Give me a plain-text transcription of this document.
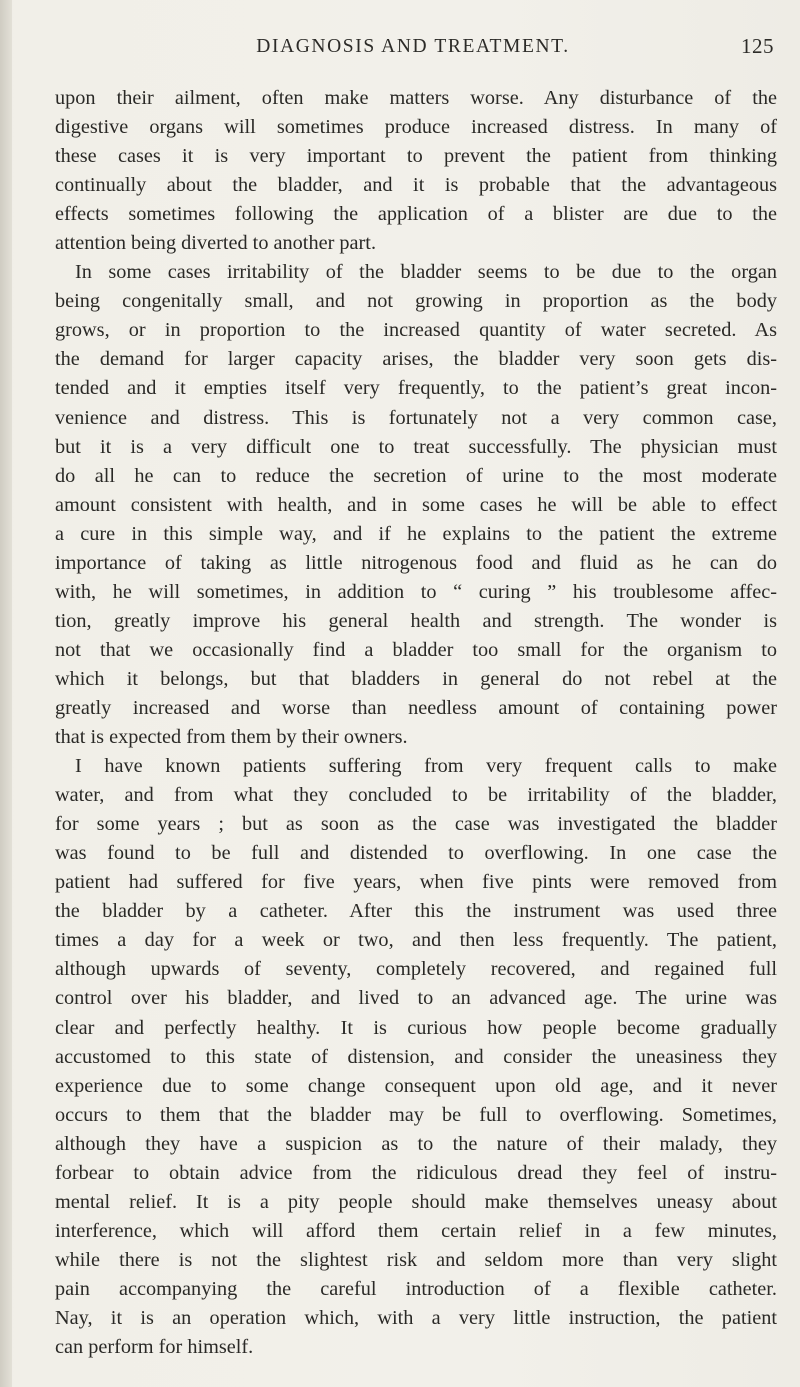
DIAGNOSIS AND TREATMENT.	125
upon their ailment, often make matters worse. Any disturbance of the
digestive organs will sometimes produce increased distress. In many of
these cases it is very important to prevent the patient from thinking
continually about the bladder, and it is probable that the advantageous
effects sometimes following the application of a blister are due to the
attention being diverted to another part.
In some cases irritability of the bladder seems to be due to the organ
being congenitally small, and not growing in proportion as the body
grows, or in proportion to the increased quantity of water secreted. As
the demand for larger capacity arises, the bladder very soon gets dis-
tended and it empties itself very frequently, to the patient’s great incon-
venience and distress. This is fortunately not a very common case,
but it is a very difficult one to treat successfully. The physician must
do all he can to reduce the secretion of urine to the most moderate
amount consistent with health, and in some cases he will be able to effect
a cure in this simple way, and if he explains to the patient the extreme
importance of taking as little nitrogenous food and fluid as he can do
with, he will sometimes, in addition to “ curing ” his troublesome affec-
tion, greatly improve his general health and strength. The wonder is
not that we occasionally find a bladder too small for the organism to
which it belongs, but that bladders in general do not rebel at the
greatly increased and worse than needless amount of containing power
that is expected from them by their owners.
I have known patients suffering from very frequent calls to make
water, and from what they concluded to be irritability of the bladder,
for some years ; but as soon as the case was investigated the bladder
was found to be full and distended to overflowing. In one case the
patient had suffered for five years, when five pints were removed from
the bladder by a catheter. After this the instrument was used three
times a day for a week or two, and then less frequently. The patient,
although upwards of seventy, completely recovered, and regained full
control over his bladder, and lived to an advanced age. The urine was
clear and perfectly healthy. It is curious how people become gradually
accustomed to this state of distension, and consider the uneasiness they
experience due to some change consequent upon old age, and it never
occurs to them that the bladder may be full to overflowing. Sometimes,
although they have a suspicion as to the nature of their malady, they
forbear to obtain advice from the ridiculous dread they feel of instru-
mental relief. It is a pity people should make themselves uneasy about
interference, which will afford them certain relief in a few minutes,
while there is not the slightest risk and seldom more than very slight
pain accompanying the careful introduction of a flexible catheter.
Nay, it is an operation which, with a very little instruction, the patient
can perform for himself.
